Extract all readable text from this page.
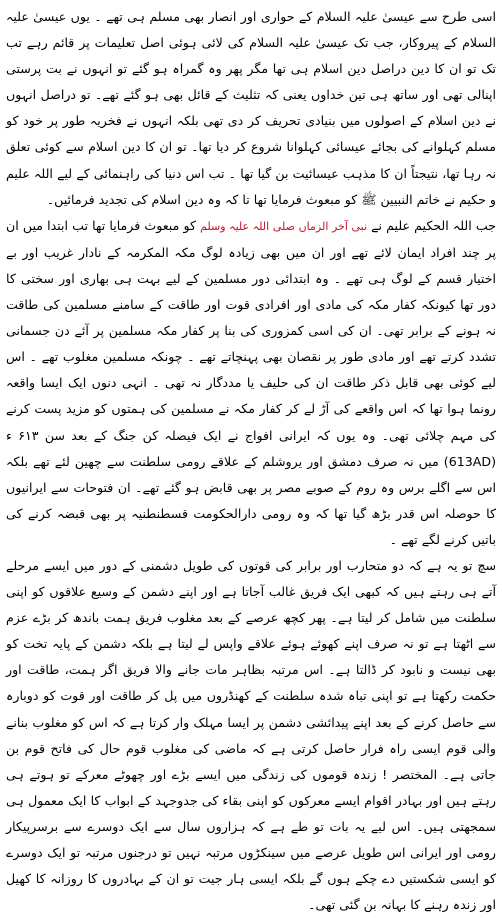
اسی طرح سے عیسیٰ علیہ السلام کے حواری اور انصار بھی مسلم ہی تھے ۔ یوں عیسیٰ علیہ السلام کے پیروکار، جب تک عیسیٰ علیہ السلام کی لائی ہوئی اصل تعلیمات پر قائم رہے تب تک تو ان کا دین دراصل دین اسلام ہی تھا مگر پھر وہ گمراہ ہو گئے تو انہوں نے بت پرستی اپنالی تھی اور ساتھ ہی تین خداوں یعنی کہ تثلیث کے قائل بھی ہو گئے تھے۔ تو دراصل انہوں نے دین اسلام کے اصولوں میں بنیادی تحریف کر دی تھی بلکہ انہوں نے فخریہ طور پر خود کو مسلم کہلوانے کی بجائے عیسائی کہلوانا شروع کر دیا تھا۔ تو ان کا دین اسلام سے کوئی تعلق نہ رہا تھا، نتیجتاً ان کا مذہب عیسائیت بن گیا تھا ۔ تب اس دنیا کی راہنمائی کے لیے اللہ علیم و حکیم نے خاتم النبیین ﷺ کو مبعوث فرمایا تھا تا کہ وہ دین اسلام کی تجدید فرمائیں۔

جب اللہ الحکیم علیم نے نبی آخر الزماں صلی اللہ علیہ وسلم کو مبعوث فرمایا تھا تب ابتدا میں ان پر چند افراد ایمان لائے تھے اور ان میں بھی زیادہ لوگ مکہ المکرمہ کے نادار غریب اور بے اختیار قسم کے لوگ ہی تھے ۔ وہ ابتدائی دور مسلمین کے لیے بہت ہی بھاری اور سختی کا دور تھا کیونکہ کفار مکہ کی مادی اور افرادی قوت اور طاقت کے سامنے مسلمین کی طاقت نہ ہونے کے برابر تھی۔ ان کی اسی کمزوری کی بنا پر کفار مکہ مسلمین پر آئے دن جسمانی تشدد کرتے تھے اور مادی طور پر نقصان بھی پہنچاتے تھے ۔ چونکہ مسلمین مغلوب تھے ۔ اس لیے کوئی بھی قابل ذکر طاقت ان کی حلیف یا مددگار نہ تھی ۔ انہی دنوں ایک ایسا واقعہ رونما ہوا تھا کہ اس واقعے کی آڑ لے کر کفار مکہ نے مسلمین کی ہمتوں کو مزید پست کرنے کی مہم چلائی تھی۔ وہ یوں کہ ایرانی افواج نے ایک فیصلہ کن جنگ کے بعد سن ۶۱۳ ء (613AD) میں نہ صرف دمشق اور یروشلم کے علاقے رومی سلطنت سے چھین لئے تھے بلکہ اس سے اگلے برس وہ روم کے صوبے مصر پر بھی قابض ہو گئے تھے۔ ان فتوحات سے ایرانیوں کا حوصلہ اس قدر بڑھ گیا تھا کہ وہ رومی دارالحکومت قسطنطنیہ پر بھی قبضہ کرنے کی باتیں کرنے لگے تھے ۔

سچ تو یہ ہے کہ دو متحارب اور برابر کی قوتوں کی طویل دشمنی کے دور میں ایسے مرحلے آتے ہی رہتے ہیں کہ کبھی ایک فریق غالب آجاتا ہے اور اپنے دشمن کے وسیع علاقوں کو اپنی سلطنت میں شامل کر لیتا ہے۔ پھر کچھ عرصے کے بعد مغلوب فریق ہمت باندھ کر بڑے عزم سے اٹھتا ہے تو نہ صرف اپنے کھوئے ہوئے علاقے واپس لے لیتا ہے بلکہ دشمن کے پایہ تخت کو بھی نیست و نابود کر ڈالتا ہے۔ اس مرتبہ بظاہر مات جانے والا فریق اگر ہمت، طاقت اور حکمت رکھتا ہے تو اپنی تباہ شدہ سلطنت کے کھنڈروں میں پل کر طاقت اور قوت کو دوبارہ سے حاصل کرنے کے بعد اپنے پیدائشی دشمن پر ایسا مہلک وار کرتا ہے کہ اس کو مغلوب بنانے والی قوم ایسی راہ فرار حاصل کرتی ہے کہ ماضی کی مغلوب قوم حال کی فاتح قوم بن جاتی ہے۔ المختصر ! زندہ قوموں کی زندگی میں ایسے بڑے اور چھوٹے معرکے تو ہوتے ہی رہتے ہیں اور بہادر اقوام ایسے معرکوں کو اپنی بقاء کی جدوجہد کے ابواب کا ایک معمول ہی سمجھتی ہیں۔ اس لیے یہ بات تو طے ہے کہ ہزاروں سال سے ایک دوسرے سے برسرپیکار رومی اور ایرانی اس طویل عرصے میں سینکڑوں مرتبہ نہیں تو درجنوں مرتبہ تو ایک دوسرے کو ایسی شکستیں دے چکے ہوں گے بلکہ ایسی ہار جیت تو ان کے بہادروں کا روزانہ کا کھیل اور زندہ رہنے کا بہانہ بن گئی تھی۔
